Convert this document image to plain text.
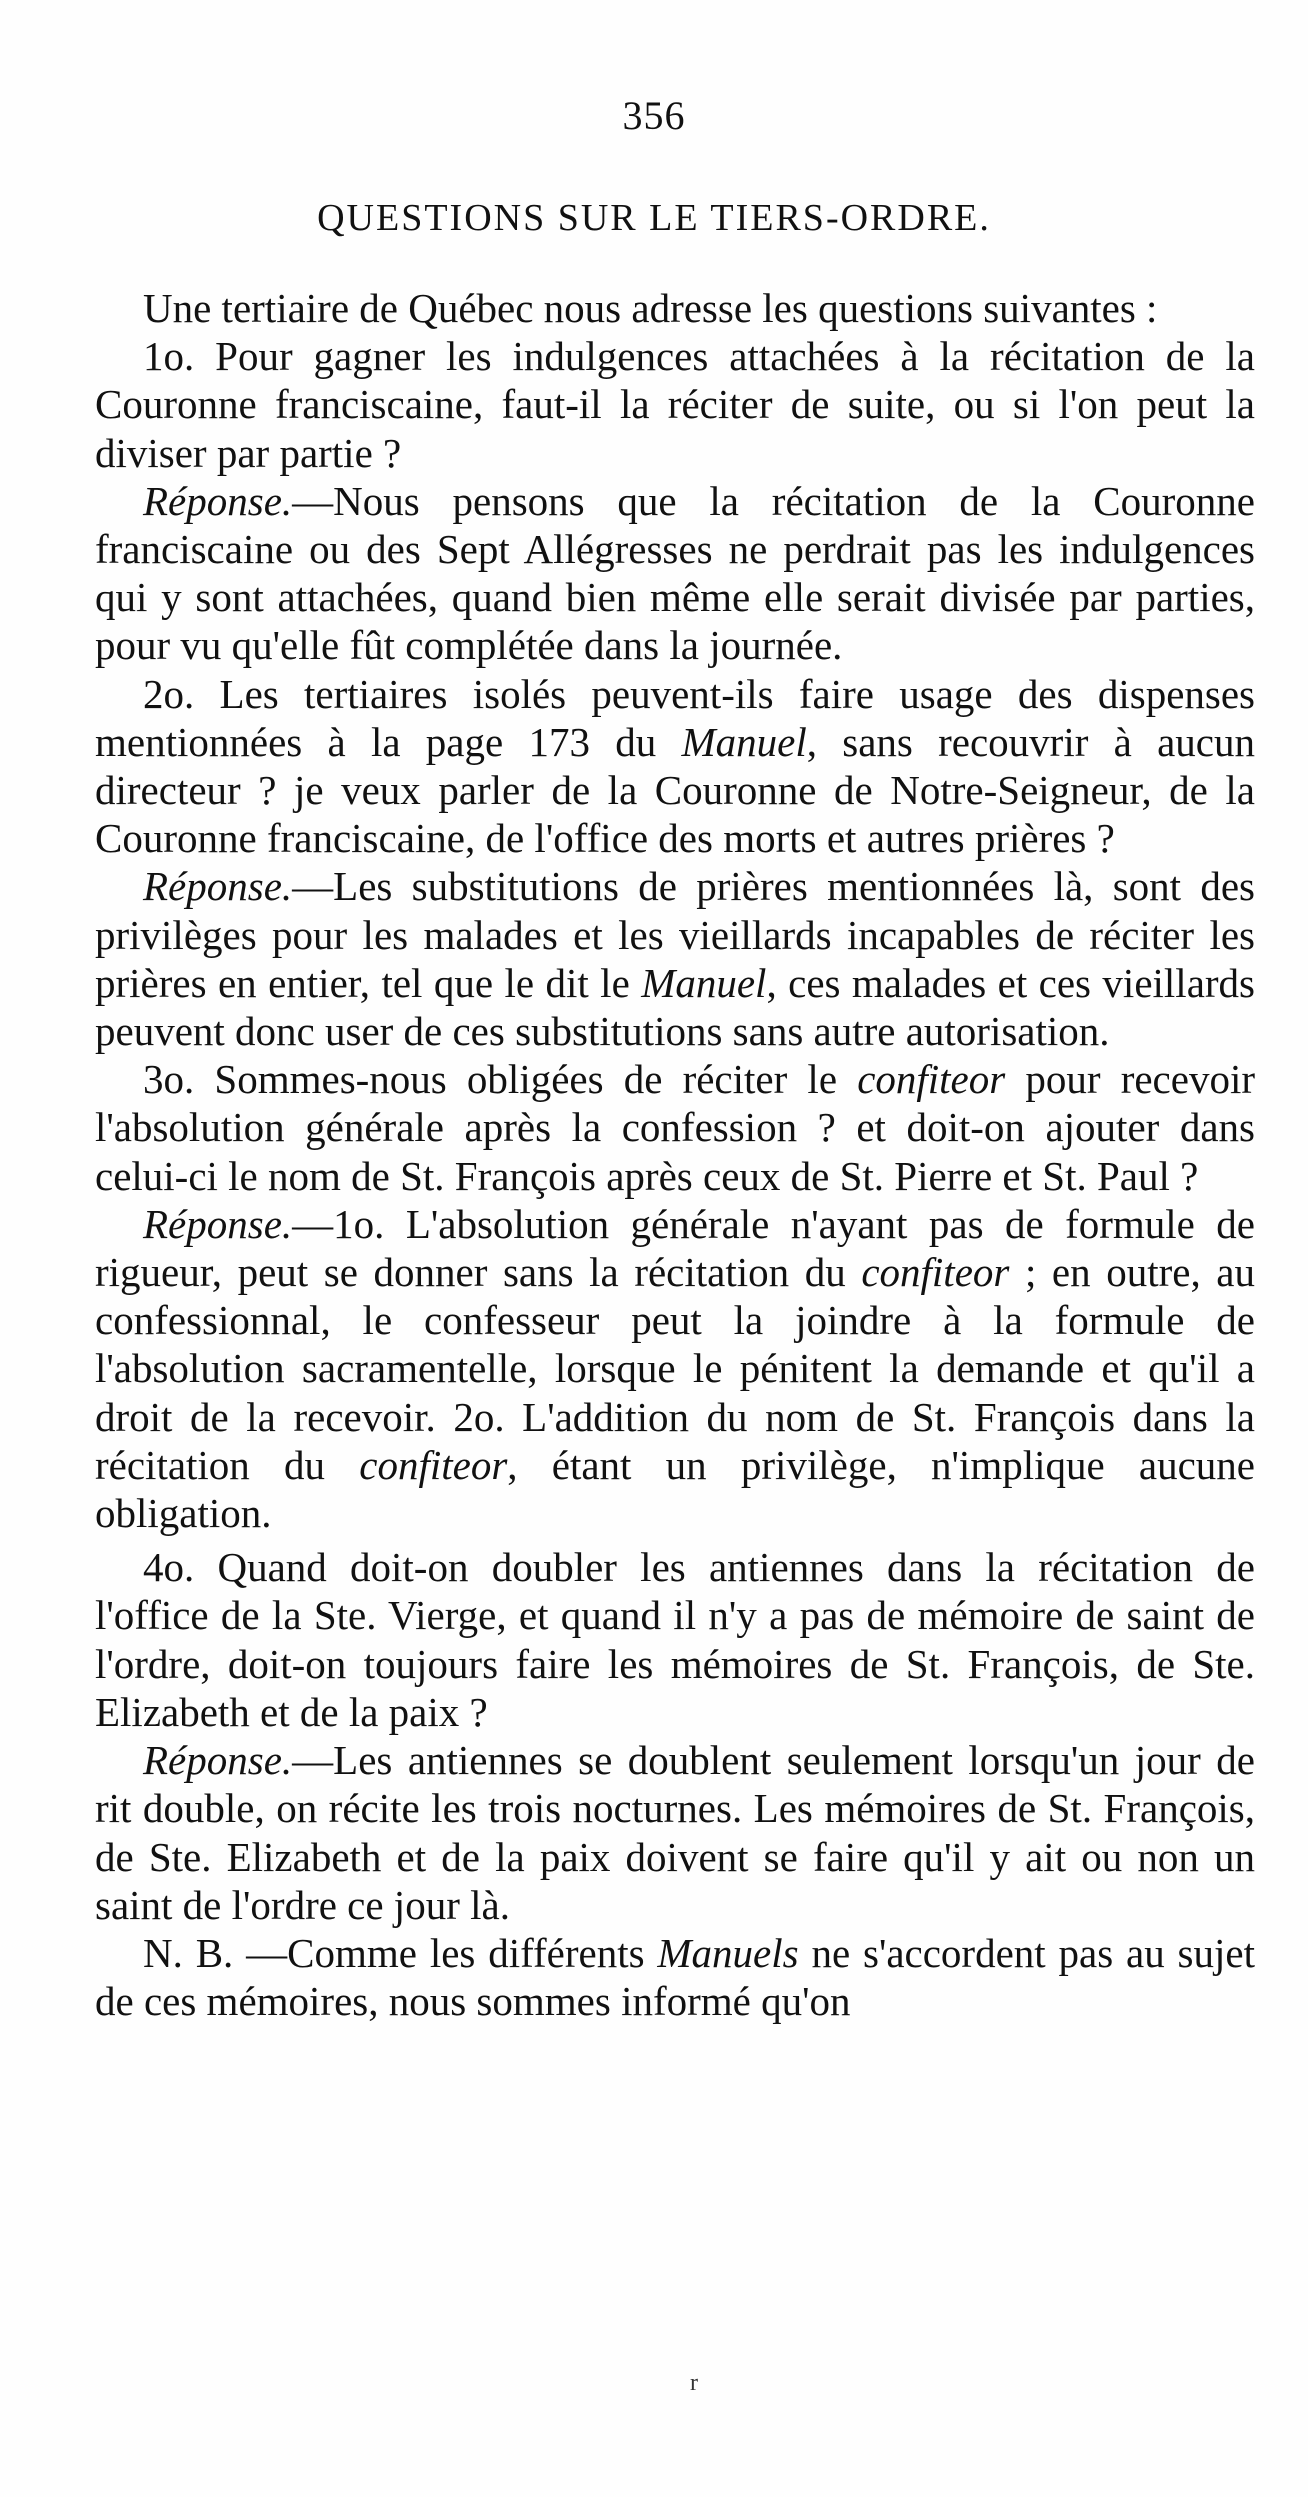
356
QUESTIONS SUR LE TIERS-ORDRE.

Une tertiaire de Québec nous adresse les questions suivantes :

1o. Pour gagner les indulgences attachées à la récitation de la Couronne franciscaine, faut-il la réciter de suite, ou si l'on peut la diviser par partie ?

Réponse.—Nous pensons que la récitation de la Couronne franciscaine ou des Sept Allégresses ne perdrait pas les indulgences qui y sont attachées, quand bien même elle serait divisée par parties, pour vu qu'elle fût complétée dans la journée.

2o. Les tertiaires isolés peuvent-ils faire usage des dispenses mentionnées à la page 173 du Manuel, sans recouvrir à aucun directeur ? je veux parler de la Couronne de Notre-Seigneur, de la Couronne franciscaine, de l'office des morts et autres prières ?

Réponse.—Les substitutions de prières mentionnées là, sont des privilèges pour les malades et les vieillards incapables de réciter les prières en entier, tel que le dit le Manuel, ces malades et ces vieillards peuvent donc user de ces substitutions sans autre autorisation.

3o. Sommes-nous obligées de réciter le confiteor pour recevoir l'absolution générale après la confession ? et doit-on ajouter dans celui-ci le nom de St. François après ceux de St. Pierre et St. Paul ?

Réponse.—1o. L'absolution générale n'ayant pas de formule de rigueur, peut se donner sans la récitation du confiteor ; en outre, au confessionnal, le confesseur peut la joindre à la formule de l'absolution sacramentelle, lorsque le pénitent la demande et qu'il a droit de la recevoir. 2o. L'addition du nom de St. François dans la récitation du confiteor, étant un privilège, n'implique aucune obligation.

4o. Quand doit-on doubler les antiennes dans la récitation de l'office de la Ste. Vierge, et quand il n'y a pas de mémoire de saint de l'ordre, doit-on toujours faire les mémoires de St. François, de Ste. Elizabeth et de la paix ?

Réponse.—Les antiennes se doublent seulement lorsqu'un jour de rit double, on récite les trois nocturnes. Les mémoires de St. François, de Ste. Elizabeth et de la paix doivent se faire qu'il y ait ou non un saint de l'ordre ce jour là.

N. B. —Comme les différents Manuels ne s'accordent pas au sujet de ces mémoires, nous sommes informé qu'on

r
